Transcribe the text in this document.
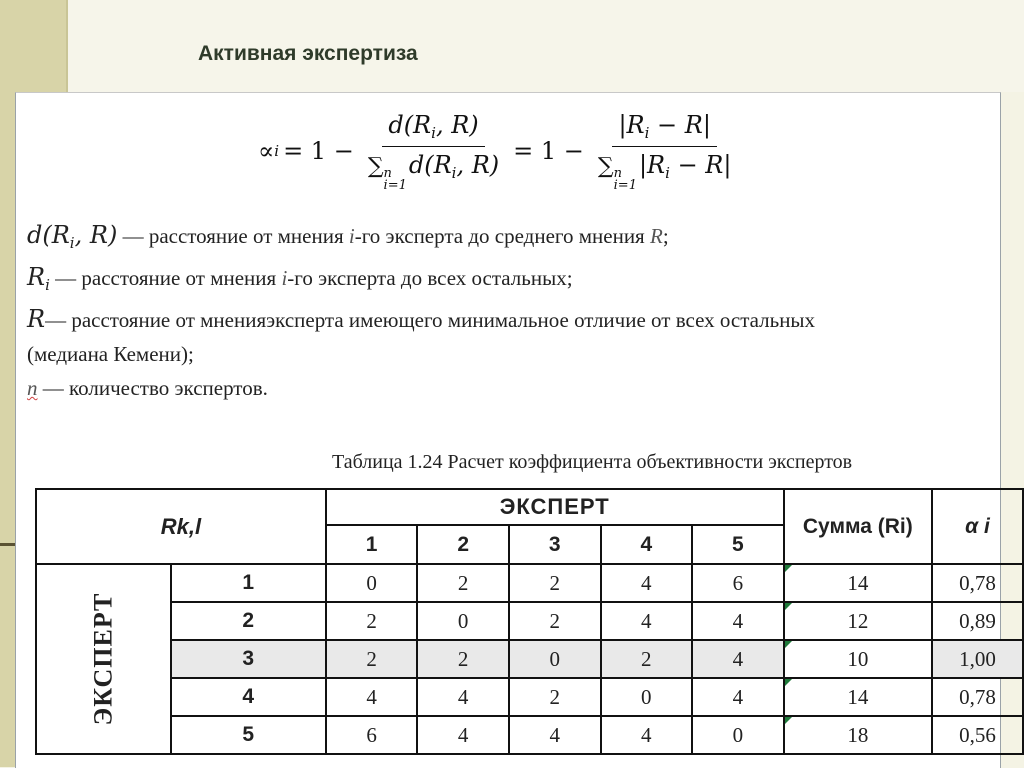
Активная экспертиза
∝ $i = 1 - d(R_i$, R)
∑ n
i=1
$d(R_i$, $R) = 1 - |R_i - R|$
∑ n
i=1
$|R_i - R|$
$d(R_i$, R) — расстояние от мнения i-го эксперта до среднего мнения R;
$R_i$ — расстояние от мнения i-го эксперта до всех остальных;
R— расстояние от мненияэксперта имеющего минимальное отличие от всех остальных
(медиана Кемени);
n — количество экспертов.
Таблица 1.24 Расчет коэффициента объективности экспертов
Rk,l		ЭКСПЕРТ					Сумма (Ri)	α i
		1	2	3	4	5		
ЭКСПЕРТ	1	0	2	2	4	6	14	0,78
	2	2	0	2	4	4	12	0,89
	3	2	2	0	2	4	10	1,00
	4	4	4	2	0	4	14	0,78
	5	6	4	4	4	0	18	0,56
